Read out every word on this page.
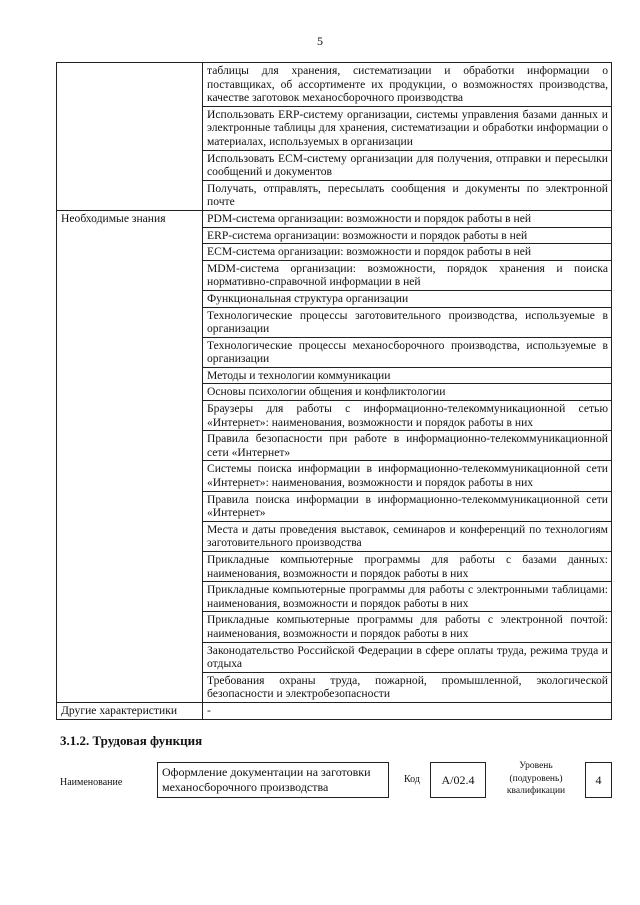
5
	таблицы для хранения, систематизации и обработки информации о поставщиках, об ассортименте их продукции, о возможностях производства, качестве заготовок механосборочного производства
	Использовать ERP-систему организации, системы управления базами данных и электронные таблицы для хранения, систематизации и обработки информации о материалах, используемых в организации
	Использовать ECM-систему организации для получения, отправки и пересылки сообщений и документов
	Получать, отправлять, пересылать сообщения и документы по электронной почте
Необходимые знания	PDM-система организации: возможности и порядок работы в ней
	ERP-система организации: возможности и порядок работы в ней
	ECM-система организации: возможности и порядок работы в ней
	MDM-система организации: возможности, порядок хранения и поиска нормативно-справочной информации в ней
	Функциональная структура организации
	Технологические процессы заготовительного производства, используемые в организации
	Технологические процессы механосборочного производства, используемые в организации
	Методы и технологии коммуникации
	Основы психологии общения и конфликтологии
	Браузеры для работы с информационно-телекоммуникационной сетью «Интернет»: наименования, возможности и порядок работы в них
	Правила безопасности при работе в информационно-телекоммуникационной сети «Интернет»
	Системы поиска информации в информационно-телекоммуникационной сети «Интернет»: наименования, возможности и порядок работы в них
	Правила поиска информации в информационно-телекоммуникационной сети «Интернет»
	Места и даты проведения выставок, семинаров и конференций по технологиям заготовительного производства
	Прикладные компьютерные программы для работы с базами данных: наименования, возможности и порядок работы в них
	Прикладные компьютерные программы для работы с электронными таблицами: наименования, возможности и порядок работы в них
	Прикладные компьютерные программы для работы с электронной почтой: наименования, возможности и порядок работы в них
	Законодательство Российской Федерации в сфере оплаты труда, режима труда и отдыха
	Требования охраны труда, пожарной, промышленной, экологической безопасности и электробезопасности
Другие характеристики	-
3.1.2. Трудовая функция
Наименование
Оформление документации на заготовки механосборочного производства
Код	A/02.4
Уровень (подуровень) квалификации
4
